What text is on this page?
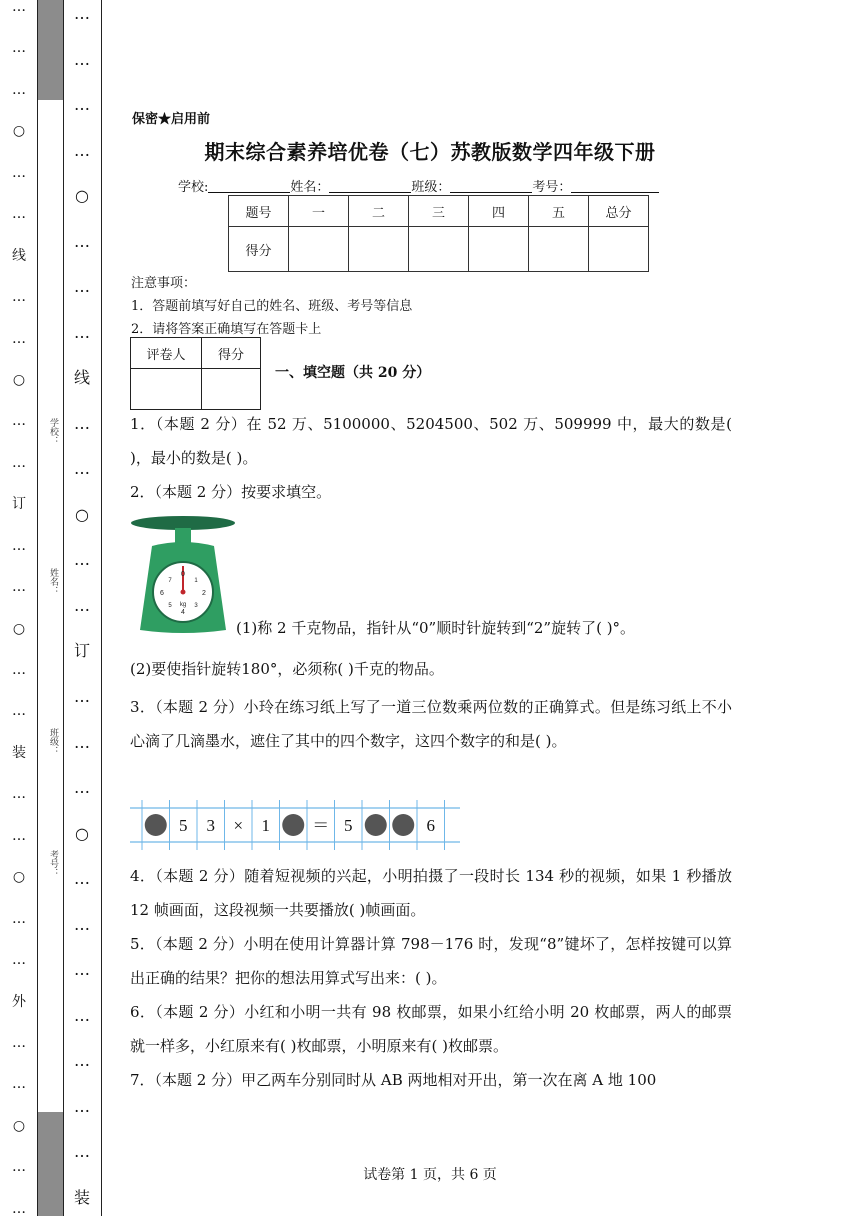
…
…
…
○
…
…
线
…
…
○
…
…
订
…
…
○
…
…
装
…
…
○
…
…
外
…
…
○
…
…
学校：
姓名：
班级：
考号：
…
…
…
…
○
…
…
…
线
…
…
○
…
…
订
…
…
…
○
…
…
…
…
…
…
…
装
保密★启用前
期末综合素养培优卷（七）苏教版数学四年级下册
学校:	姓名：	班级：	考号：
题号	一	二	三	四	五	总分
得分						
注意事项：
1．答题前填写好自己的姓名、班级、考号等信息
2．请将答案正确填写在答题卡上
评卷人	得分

一、填空题（共 20 分）
1．（本题 2 分）在 52 万、5100000、5204500、502 万、509999 中，最大的数是( )，最小的数是( )。
2．（本题 2 分）按要求填空。
0
2
4
6
7	1
3
5 kg
(1)称 2 千克物品，指针从“0”顺时针旋转到“2”旋转了( )°。
(2)要使指针旋转180°，必须称( )千克的物品。
3．（本题 2 分）小玲在练习纸上写了一道三位数乘两位数的正确算式。但是练习纸上不小心滴了几滴墨水，遮住了其中的四个数字，这四个数字的和是( )。
5 3 × 1 ＝ 5	6
4．（本题 2 分）随着短视频的兴起，小明拍摄了一段时长 134 秒的视频，如果 1 秒播放 12 帧画面，这段视频一共要播放( )帧画面。
5．（本题 2 分）小明在使用计算器计算 798－176 时，发现“8”键坏了，怎样按键可以算出正确的结果？把你的想法用算式写出来：( )。
6．（本题 2 分）小红和小明一共有 98 枚邮票，如果小红给小明 20 枚邮票，两人的邮票就一样多，小红原来有( )枚邮票，小明原来有( )枚邮票。
7．（本题 2 分）甲乙两车分别同时从 AB 两地相对开出，第一次在离 A 地 100
试卷第 1 页，共 6 页
